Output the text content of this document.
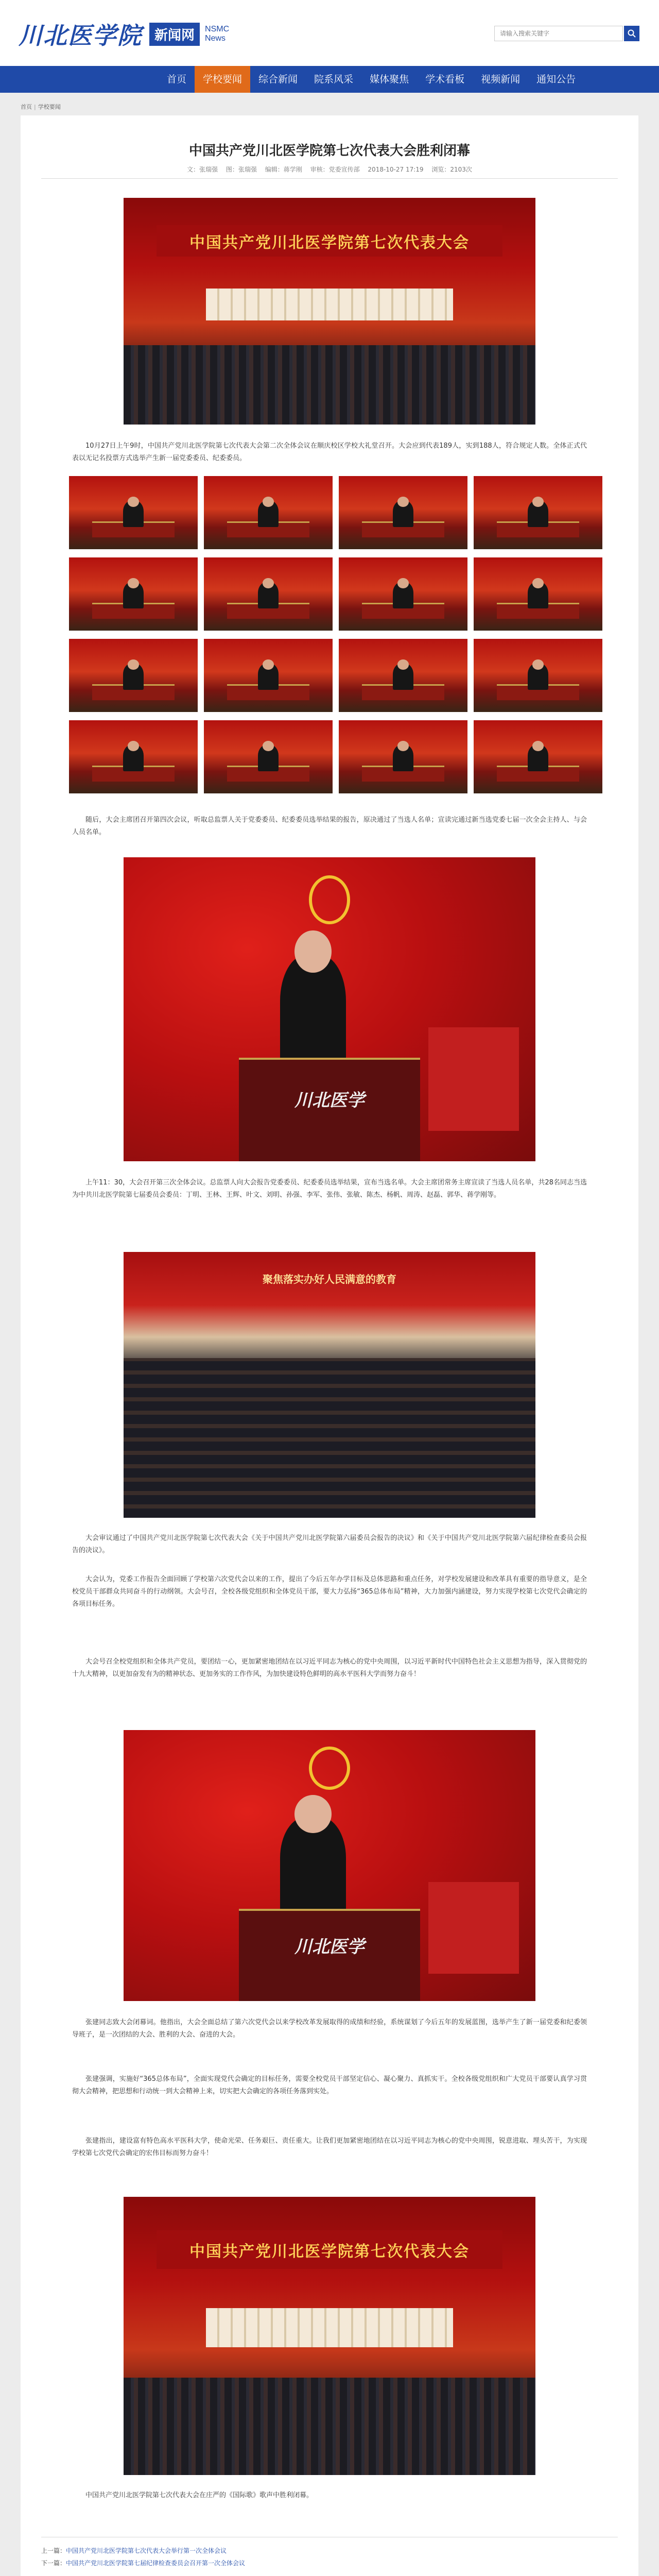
川北医学院 新闻网	NSMC
News
请输入搜索关键字
首页	学校要闻	综合新闻	院系风采	媒体聚焦	学术看板	视频新闻	通知公告
首页 | 学校要闻
中国共产党川北医学院第七次代表大会胜利闭幕
文：张瑞强 图：张瑞强 编辑：蒋学刚 审核：党委宣传部 2018-10-27 17:19 浏览：2103次
中国共产党川北医学院第七次代表大会

10月27日上午9时，中国共产党川北医学院第七次代表大会第二次全体会议在顺庆校区学校大礼堂召开。大会应到代表189人，实到188人，符合规定人数。全体正式代表以无记名投票方式选举产生新一届党委委员、纪委委员。

随后，大会主席团召开第四次会议，听取总监票人关于党委委员、纪委委员选举结果的报告，原决通过了当选人名单；宣读完通过新当选党委七届一次全会主持人、与会人员名单。

川北医学

上午11：30，大会召开第三次全体会议。总监票人向大会报告党委委员、纪委委员选举结果，宣布当选名单。大会主席团常务主席宣读了当选人员名单，共28名同志当选为中共川北医学院第七届委员会委员：丁明、王林、王辉、叶文、刘明、孙强、李军、张伟、张敏、陈杰、杨帆、周涛、赵磊、郭华、蒋学刚等。

聚焦落实办好人民满意的教育

大会审议通过了中国共产党川北医学院第七次代表大会《关于中国共产党川北医学院第六届委员会报告的决议》和《关于中国共产党川北医学院第六届纪律检查委员会报告的决议》。

大会认为，党委工作报告全面回顾了学校第六次党代会以来的工作，提出了今后五年办学目标及总体思路和重点任务，对学校发展建设和改革具有重要的指导意义，是全校党员干部群众共同奋斗的行动纲领。大会号召，全校各级党组织和全体党员干部，要大力弘扬“365总体布局”精神，大力加强内涵建设，努力实现学校第七次党代会确定的各项目标任务。

大会号召全校党组织和全体共产党员，要团结一心，更加紧密地团结在以习近平同志为核心的党中央周围，以习近平新时代中国特色社会主义思想为指导，深入贯彻党的十九大精神，以更加奋发有为的精神状态、更加务实的工作作风，为加快建设特色鲜明的高水平医科大学而努力奋斗！

川北医学

张建同志致大会闭幕词。他指出，大会全面总结了第六次党代会以来学校改革发展取得的成绩和经验，系统谋划了今后五年的发展蓝图，选举产生了新一届党委和纪委领导班子，是一次团结的大会、胜利的大会、奋进的大会。

张建强调，实施好“365总体布局”，全面实现党代会确定的目标任务，需要全校党员干部坚定信心、凝心聚力、真抓实干。全校各级党组织和广大党员干部要认真学习贯彻大会精神，把思想和行动统一到大会精神上来，切实把大会确定的各项任务落到实处。

张建指出，建设富有特色高水平医科大学，使命光荣、任务艰巨、责任重大。让我们更加紧密地团结在以习近平同志为核心的党中央周围，锐意进取、埋头苦干，为实现学校第七次党代会确定的宏伟目标而努力奋斗！

中国共产党川北医学院第七次代表大会

中国共产党川北医学院第七次代表大会在庄严的《国际歌》歌声中胜利闭幕。

上一篇：中国共产党川北医学院第七次代表大会举行第一次全体会议
下一篇：中国共产党川北医学院第七届纪律检查委员会召开第一次全体会议
